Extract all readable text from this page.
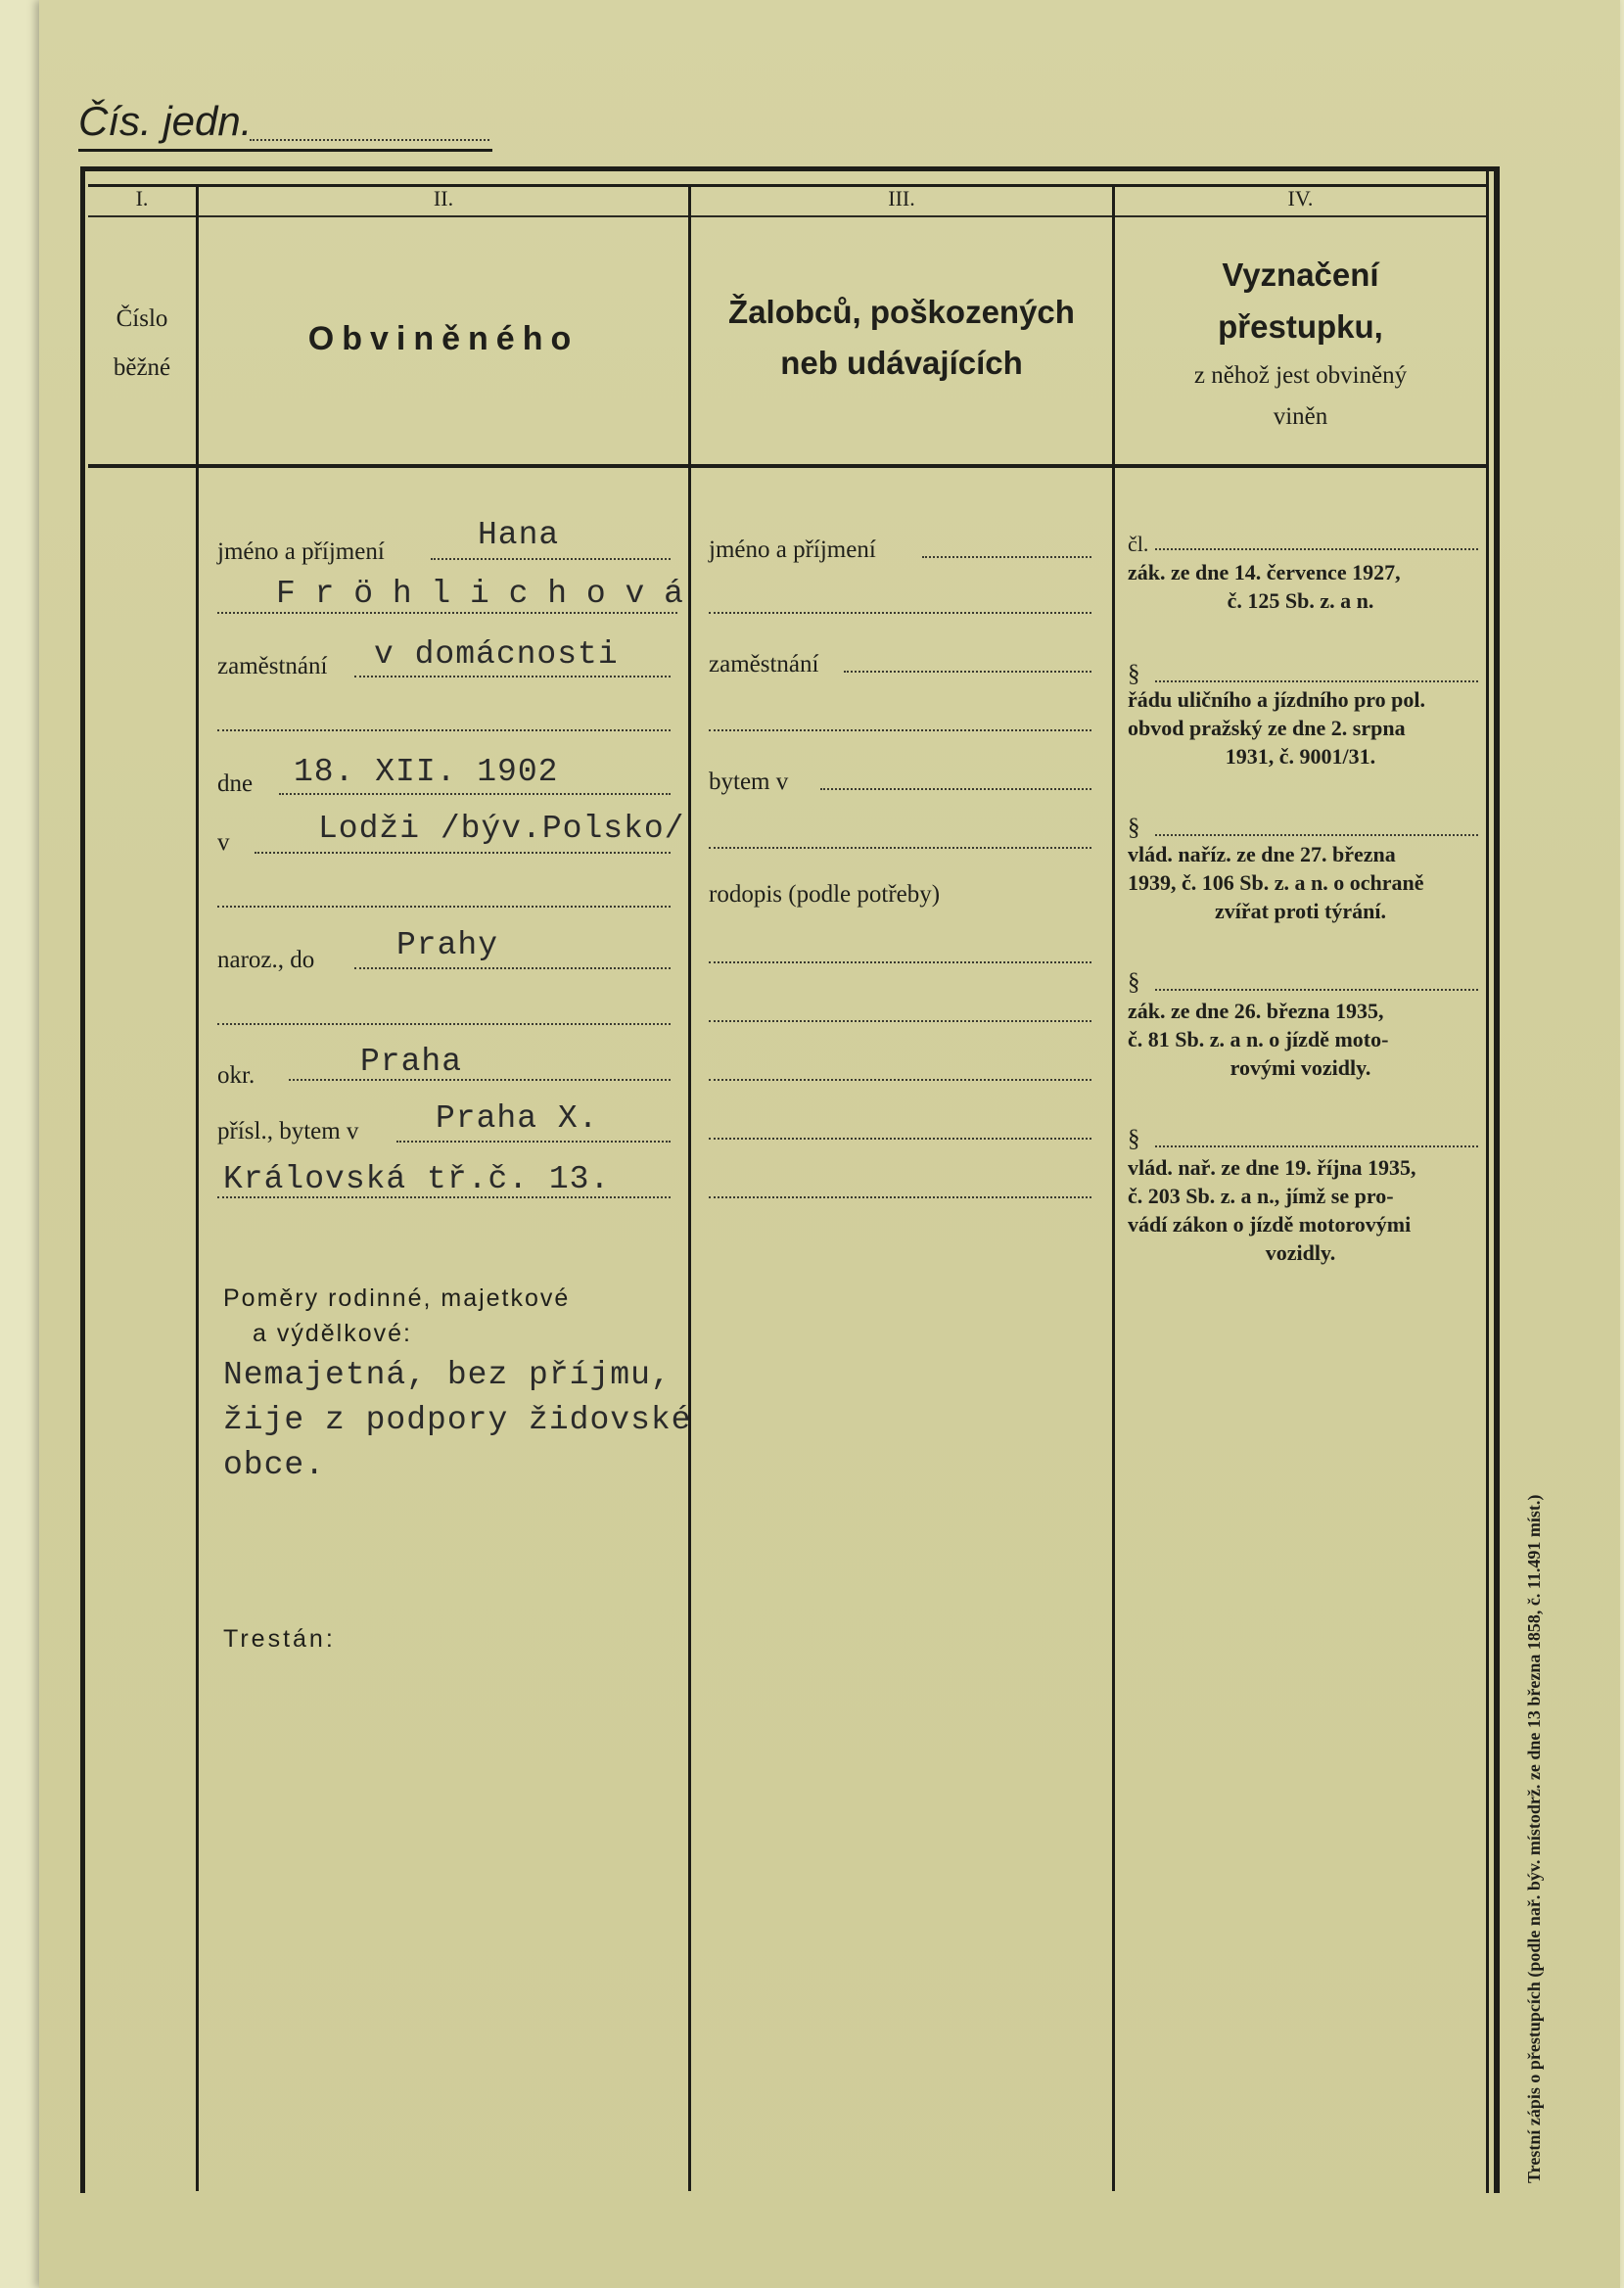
Čís. jedn.
I.	II.	III.	IV.
Číslo
běžné
Obviněného
Žalobců, poškozených
neb udávajících
Vyznačení
přestupku,
z něhož jest obviněný
viněn
jméno a příjmení	Hana
F r ö h l i c h o v á
zaměstnání v domácnosti
dne 18. XII. 1902
v	Lodži /býv.Polsko/
naroz., do	Prahy
okr.	Praha
přísl., bytem v Praha X.
Královská tř.č. 13.
Poměry rodinné, majetkové
a výdělkové:
Nemajetná, bez příjmu,
žije z podpory židovské
obce.
Trestán:
jméno a příjmení
zaměstnání
bytem v
rodopis (podle potřeby)
čl.
zák. ze dne 14. července 1927,
č. 125 Sb. z. a n.
§
řádu uličního a jízdního pro pol.
obvod pražský ze dne 2. srpna
1931, č. 9001/31.
§
vlád. naříz. ze dne 27. března
1939, č. 106 Sb. z. a n. o ochraně
zvířat proti týrání.
§
zák. ze dne 26. března 1935,
č. 81 Sb. z. a n. o jízdě moto-
rovými vozidly.
§
vlád. nař. ze dne 19. října 1935,
č. 203 Sb. z. a n., jímž se pro-
vádí zákon o jízdě motorovými
vozidly.
Trestní zápis o přestupcích (podle nař. býv. místodrž. ze dne 13 března 1858, č. 11.491 míst.)
